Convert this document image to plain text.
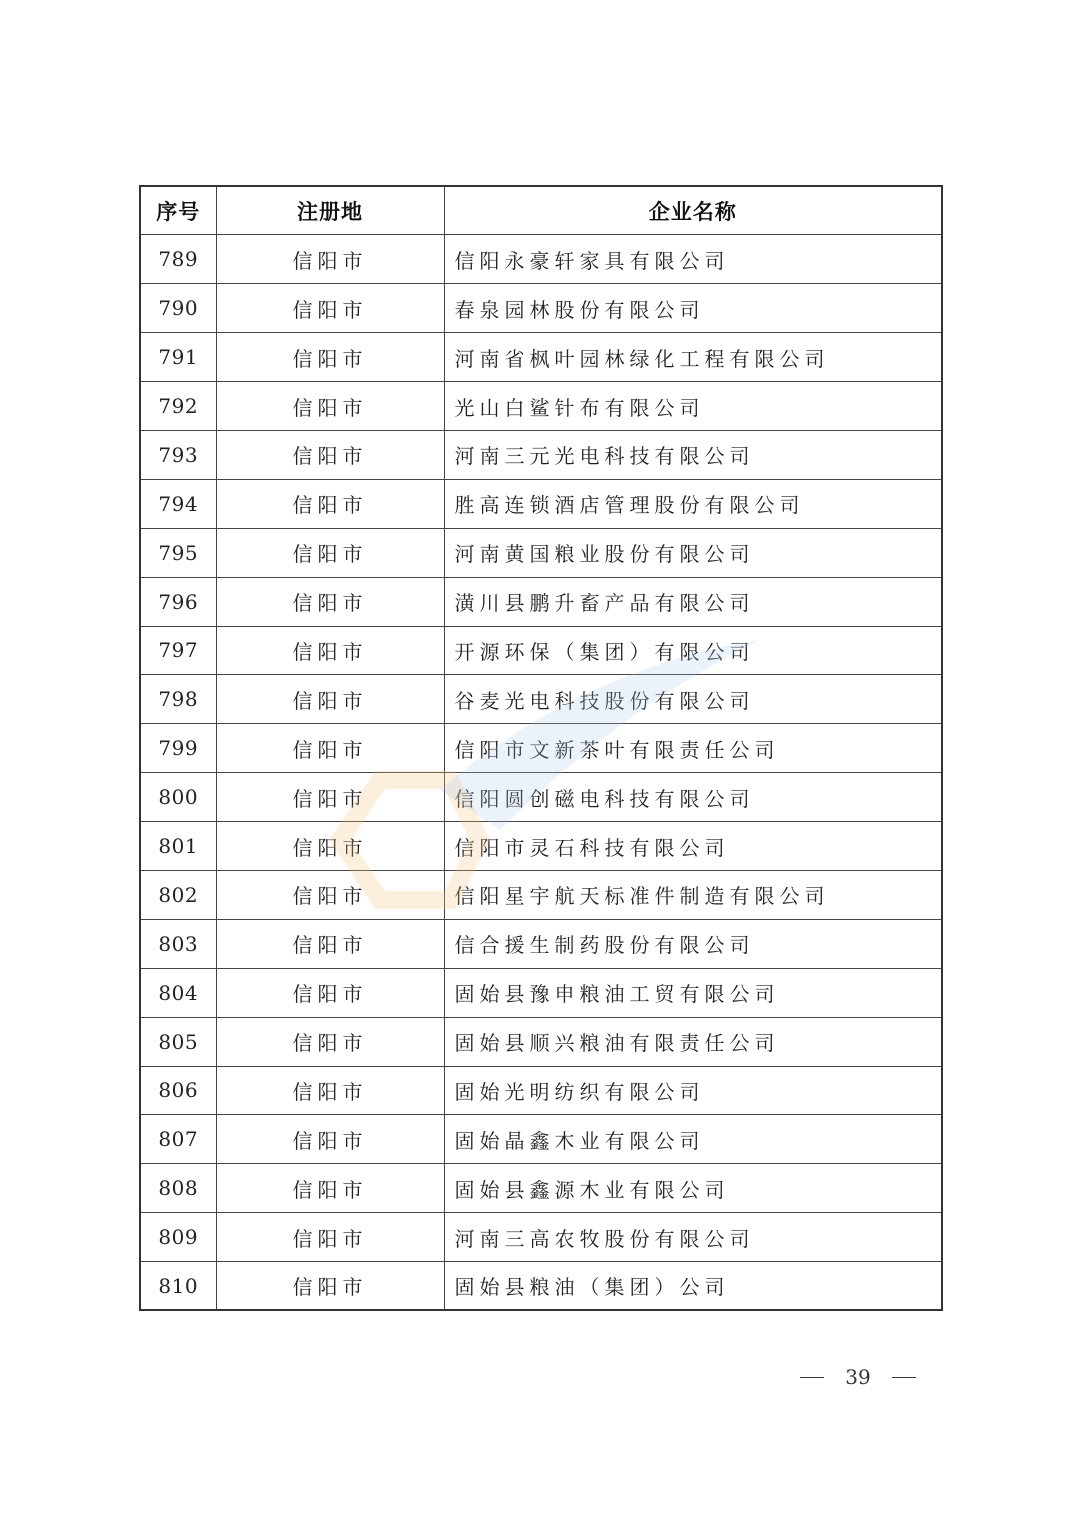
序号	注册地	企业名称
789	信阳市	信阳永豪轩家具有限公司
790	信阳市	春泉园林股份有限公司
791	信阳市	河南省枫叶园林绿化工程有限公司
792	信阳市	光山白鲨针布有限公司
793	信阳市	河南三元光电科技有限公司
794	信阳市	胜高连锁酒店管理股份有限公司
795	信阳市	河南黄国粮业股份有限公司
796	信阳市	潢川县鹏升畜产品有限公司
797	信阳市	开源环保（集团）有限公司
798	信阳市	谷麦光电科技股份有限公司
799	信阳市	信阳市文新茶叶有限责任公司
800	信阳市	信阳圆创磁电科技有限公司
801	信阳市	信阳市灵石科技有限公司
802	信阳市	信阳星宇航天标准件制造有限公司
803	信阳市	信合援生制药股份有限公司
804	信阳市	固始县豫申粮油工贸有限公司
805	信阳市	固始县顺兴粮油有限责任公司
806	信阳市	固始光明纺织有限公司
807	信阳市	固始晶鑫木业有限公司
808	信阳市	固始县鑫源木业有限公司
809	信阳市	河南三高农牧股份有限公司
810	信阳市	固始县粮油（集团）公司
39
